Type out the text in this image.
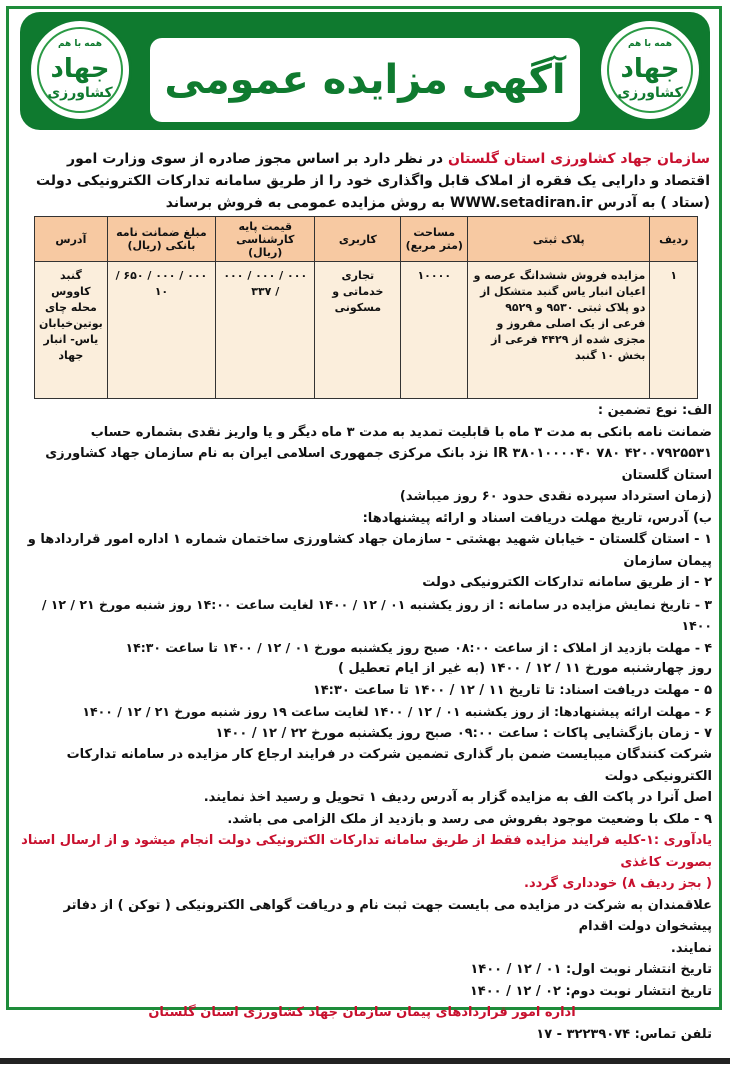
همه با هم
جهاد
کشاورزی	آگهی مزایده عمومی
همه با هم
جهاد
کشاورزی
سازمان جهاد کشاورزی استان گلستان در نظر دارد بر اساس مجوز صادره از سوی وزارت امور اقتصاد و دارایی یک فقره از املاک قابل واگذاری خود را از طریق سامانه تدارکات الکترونیکی دولت (ستاد ) به آدرس WWW.setadiran.ir به روش مزایده عمومی به فروش برساند
ردیف	پلاک ثبتی	مساحت (متر مربع)	کاربری	قیمت پایه کارشناسی (ریال)	مبلغ ضمانت نامه بانکی (ریال)	آدرس
۱	مزایده فروش ششدانگ عرصه و اعیان انبار یاس گنبد متشکل از دو پلاک ثبتی ۹۵۳۰ و ۹۵۲۹ فرعی از یک اصلی مفروز و مجزی شده از ۴۴۲۹ فرعی از بخش ۱۰ گنبد	۱۰۰۰۰	تجاری خدماتی و مسکونی	۰۰۰ / ۰۰۰ / ۰۰۰ / ۳۳۷	۰۰۰ / ۰۰۰ / ۶۵۰ / ۱۰	گنبد کاووس محله چای بوتین‌خیابان یاس- انبار جهاد

الف: نوع تضمین :

ضمانت نامه بانکی به مدت ۳ ماه با قابلیت تمدید به مدت ۳ ماه دیگر و یا واریز نقدی بشماره حساب

IR ۳۸۰۱۰۰۰۰۴۰ ۷۸۰ ۴۲۰۰۷۹۲۵۵۳۱ نزد بانک مرکزی جمهوری اسلامی ایران به نام سازمان جهاد کشاورزی استان گلستان

(زمان استرداد سپرده نقدی حدود ۶۰ روز میباشد)

ب) آدرس، تاریخ مهلت دریافت اسناد و ارائه پیشنهادها:

۱ - استان گلستان - خیابان شهید بهشتی - سازمان جهاد کشاورزی ساختمان شماره ۱ اداره امور قراردادها و پیمان سازمان

۲ - از طریق سامانه تدارکات الکترونیکی دولت

۳ - تاریخ نمایش مزایده در سامانه : از روز یکشنبه ۰۱ / ۱۲ / ۱۴۰۰ لغایت ساعت ۱۴:۰۰ روز شنبه مورخ ۲۱ / ۱۲ / ۱۴۰۰

۴ - مهلت بازدید از املاک : از ساعت ۰۸:۰۰ صبح روز یکشنبه مورخ ۰۱ / ۱۲ / ۱۴۰۰ تا ساعت ۱۴:۳۰

روز چهارشنبه مورخ ۱۱ / ۱۲ / ۱۴۰۰ (به غیر از ایام تعطیل )

۵ - مهلت دریافت اسناد: تا تاریخ ۱۱ / ۱۲ / ۱۴۰۰ تا ساعت ۱۴:۳۰

۶ - مهلت ارائه پیشنهادها: از روز یکشنبه ۰۱ / ۱۲ / ۱۴۰۰ لغایت ساعت ۱۹ روز شنبه مورخ ۲۱ / ۱۲ / ۱۴۰۰

۷ - زمان بازگشایی پاکات : ساعت ۰۹:۰۰ صبح روز یکشنبه مورخ ۲۲ / ۱۲ / ۱۴۰۰

شرکت کنندگان میبایست ضمن بار گذاری تضمین شرکت در فرایند ارجاع کار مزایده در سامانه تدارکات الکترونیکی دولت

اصل آنرا در پاکت الف به مزایده گزار به آدرس ردیف ۱ تحویل و رسید اخذ نمایند.

۹ - ملک با وضعیت موجود بفروش می رسد و بازدید از ملک الزامی می باشد.

یادآوری :۱-کلیه فرایند مزایده فقط از طریق سامانه تدارکات الکترونیکی دولت انجام میشود و از ارسال اسناد بصورت کاغذی

( بجز ردیف ۸) خودداری گردد.

علاقمندان به شرکت در مزایده می بایست جهت ثبت نام و دریافت گواهی الکترونیکی ( توکن ) از دفاتر پیشخوان دولت اقدام

نمایند.

تاریخ انتشار نوبت اول: ۰۱ / ۱۲ / ۱۴۰۰

تاریخ انتشار نوبت دوم: ۰۲ / ۱۲ / ۱۴۰۰

اداره امور قراردادهای پیمان سازمان جهاد کشاورزی استان گلستان

تلفن تماس: ۳۲۲۳۹۰۷۴ - ۱۷
